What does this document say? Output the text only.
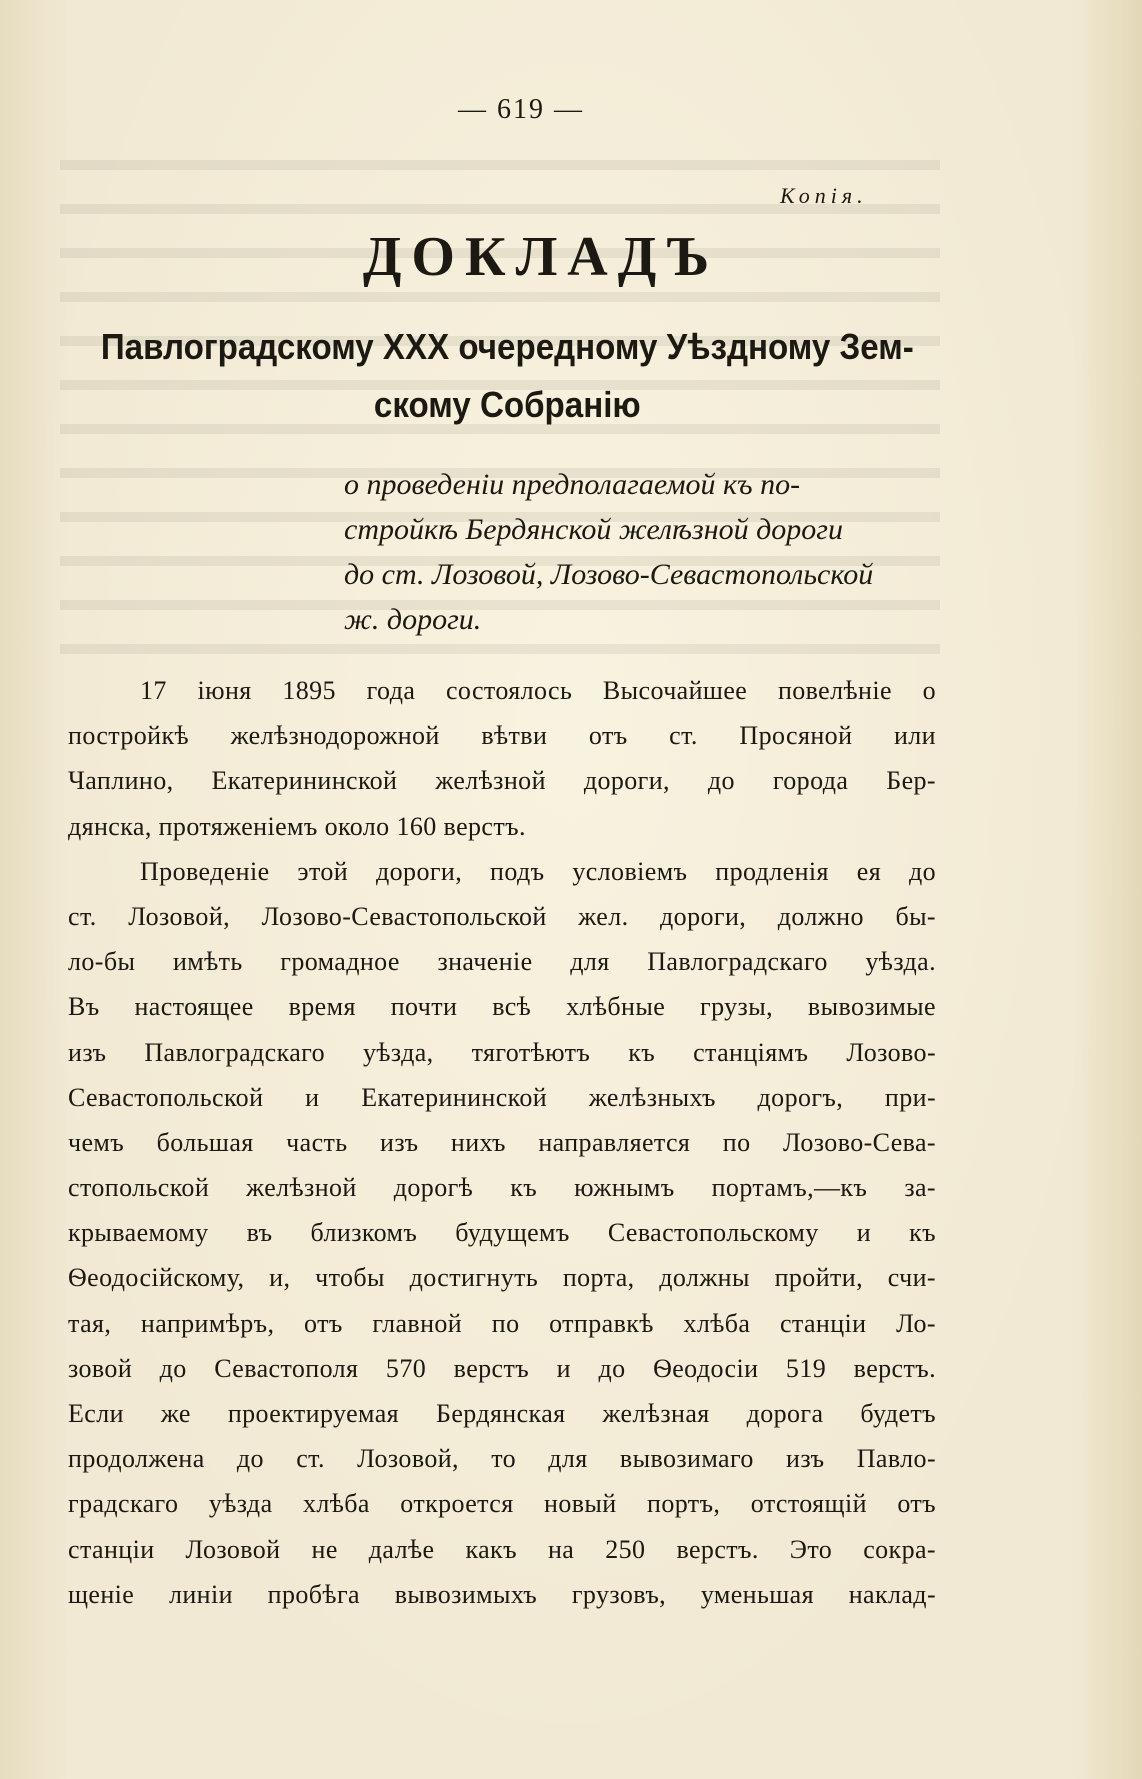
— 619 —
Копія.
ДОКЛАДЪ
Павлоградскому XXX очередному Уѣздному Зем-
скому Собранію
о проведеніи предполагаемой къ по-
стройкѣ Бердянской желѣзной дороги
до ст. Лозовой, Лозово-Севастопольской
ж. дороги.
17 іюня 1895 года состоялось Высочайшее повелѣніе о
постройкѣ желѣзнодорожной вѣтви отъ ст. Просяной или
Чаплино, Екатерининской желѣзной дороги, до города Бер-
дянска, протяженіемъ около 160 верстъ.
Проведеніе этой дороги, подъ условіемъ продленія ея до
ст. Лозовой, Лозово-Севастопольской жел. дороги, должно бы-
ло-бы имѣть громадное значеніе для Павлоградскаго уѣзда.
Въ настоящее время почти всѣ хлѣбные грузы, вывозимые
изъ Павлоградскаго уѣзда, тяготѣютъ къ станціямъ Лозово-
Севастопольской и Екатерининской желѣзныхъ дорогъ, при-
чемъ большая часть изъ нихъ направляется по Лозово-Сева-
стопольской желѣзной дорогѣ къ южнымъ портамъ,—къ за-
крываемому въ близкомъ будущемъ Севастопольскому и къ
Ѳеодосійскому, и, чтобы достигнуть порта, должны пройти, счи-
тая, напримѣръ, отъ главной по отправкѣ хлѣба станціи Ло-
зовой до Севастополя 570 верстъ и до Ѳеодосіи 519 верстъ.
Если же проектируемая Бердянская желѣзная дорога будетъ
продолжена до ст. Лозовой, то для вывозимаго изъ Павло-
градскаго уѣзда хлѣба откроется новый портъ, отстоящій отъ
станціи Лозовой не далѣе какъ на 250 верстъ. Это сокра-
щеніе линіи пробѣга вывозимыхъ грузовъ, уменьшая наклад-
